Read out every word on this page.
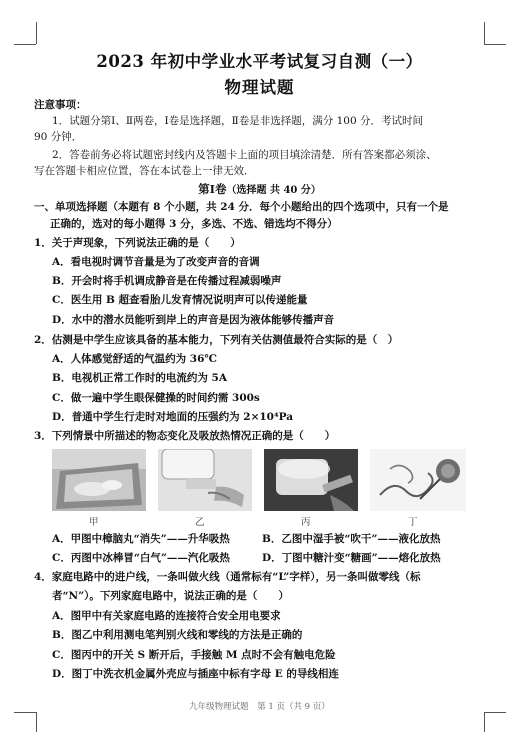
2023 年初中学业水平考试复习自测（一）
物理试题
注意事项：
1．试题分第Ⅰ、Ⅱ两卷，Ⅰ卷是选择题，Ⅱ卷是非选择题，满分 100 分．考试时间
90 分钟．
2．答卷前务必将试题密封线内及答题卡上面的项目填涂清楚．所有答案都必须涂、
写在答题卡相应位置，答在本试卷上一律无效．
第Ⅰ卷（选择题 共 40 分）
一、单项选择题（本题有 8 个小题，共 24 分．每个小题给出的四个选项中，只有一个是
正确的，选对的每小题得 3 分，多选、不选、错选均不得分）
1．关于声现象，下列说法正确的是（　　）
A．看电视时调节音量是为了改变声音的音调
B．开会时将手机调成静音是在传播过程减弱噪声
C．医生用 B 超查看胎儿发育情况说明声可以传递能量
D．水中的潜水员能听到岸上的声音是因为液体能够传播声音
2．估测是中学生应该具备的基本能力，下列有关估测值最符合实际的是（　）
A．人体感觉舒适的气温约为 36℃
B．电视机正常工作时的电流约为 5A
C．做一遍中学生眼保健操的时间约需 300s
D．普通中学生行走时对地面的压强约为 2×10⁴Pa
3．下列情景中所描述的物态变化及吸放热情况正确的是（　　）
甲	乙	丙	丁
A．甲图中樟脑丸“消失”——升华吸热	B．乙图中湿手被“吹干”——液化放热
C．丙图中冰棒冒“白气”——汽化吸热	D．丁图中糖汁变“糖画”——熔化放热
4．家庭电路中的进户线，一条叫做火线（通常标有“L”字样），另一条叫做零线（标
者“N”）。下列家庭电路中，说法正确的是（　　）
A．图甲中有关家庭电路的连接符合安全用电要求
B．图乙中利用测电笔判别火线和零线的方法是正确的
C．图丙中的开关 S 断开后，手接触 M 点时不会有触电危险
D．图丁中洗衣机金属外壳应与插座中标有字母 E 的导线相连
九年级物理试题　第 1 页（共 9 页）
